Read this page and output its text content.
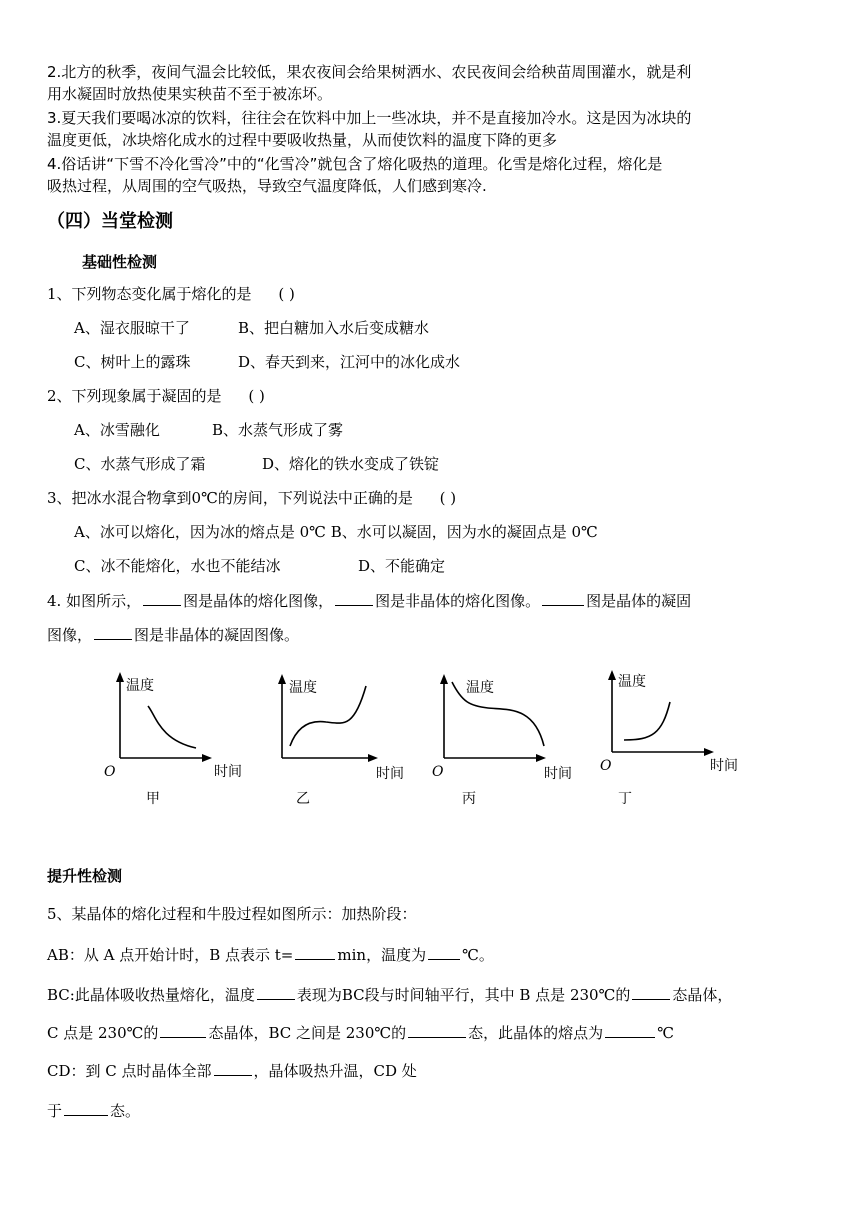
2.北方的秋季，夜间气温会比较低，果农夜间会给果树洒水、农民夜间会给秧苗周围灌水，就是利
用水凝固时放热使果实秧苗不至于被冻坏。
3.夏天我们要喝冰凉的饮料，往往会在饮料中加上一些冰块，并不是直接加冷水。这是因为冰块的
温度更低，冰块熔化成水的过程中要吸收热量，从而使饮料的温度下降的更多
4.俗话讲“下雪不冷化雪冷”中的“化雪冷”就包含了熔化吸热的道理。化雪是熔化过程，熔化是
吸热过程，从周围的空气吸热，导致空气温度降低，人们感到寒冷.
（四）当堂检测
基础性检测
1、下列物态变化属于熔化的是 ( )
A、湿衣服晾干了	B、把白糖加入水后变成糖水
C、树叶上的露珠	D、春天到来，江河中的冰化成水
2、下列现象属于凝固的是 ( )
A、冰雪融化	B、水蒸气形成了雾
C、水蒸气形成了霜	D、熔化的铁水变成了铁锭
3、把冰水混合物拿到0℃的房间，下列说法中正确的是 ( )
A、冰可以熔化，因为冰的熔点是 0℃ B、水可以凝固，因为水的凝固点是 0℃
C、冰不能熔化，水也不能结冰	D、不能确定
4. 如图所示，	图是晶体的熔化图像，	图是非晶体的熔化图像。	图是晶体的凝固
图像，	图是非晶体的凝固图像。
温度
O	时间
温度
时间
温度
O	时间
温度
O	时间
甲	乙	丙	丁
提升性检测
5、某晶体的熔化过程和牛股过程如图所示：加热阶段：
AB：从 A 点开始计时，B 点表示 t=	min，温度为 ℃。
BC:此晶体吸收热量熔化，温度	表现为BC段与时间轴平行，其中 B 点是 230℃的	态晶体，
C 点是 230℃的	态晶体，BC 之间是 230℃的	态，此晶体的熔点为	℃
CD：到 C 点时晶体全部	，晶体吸热升温，CD 处
于	态。
